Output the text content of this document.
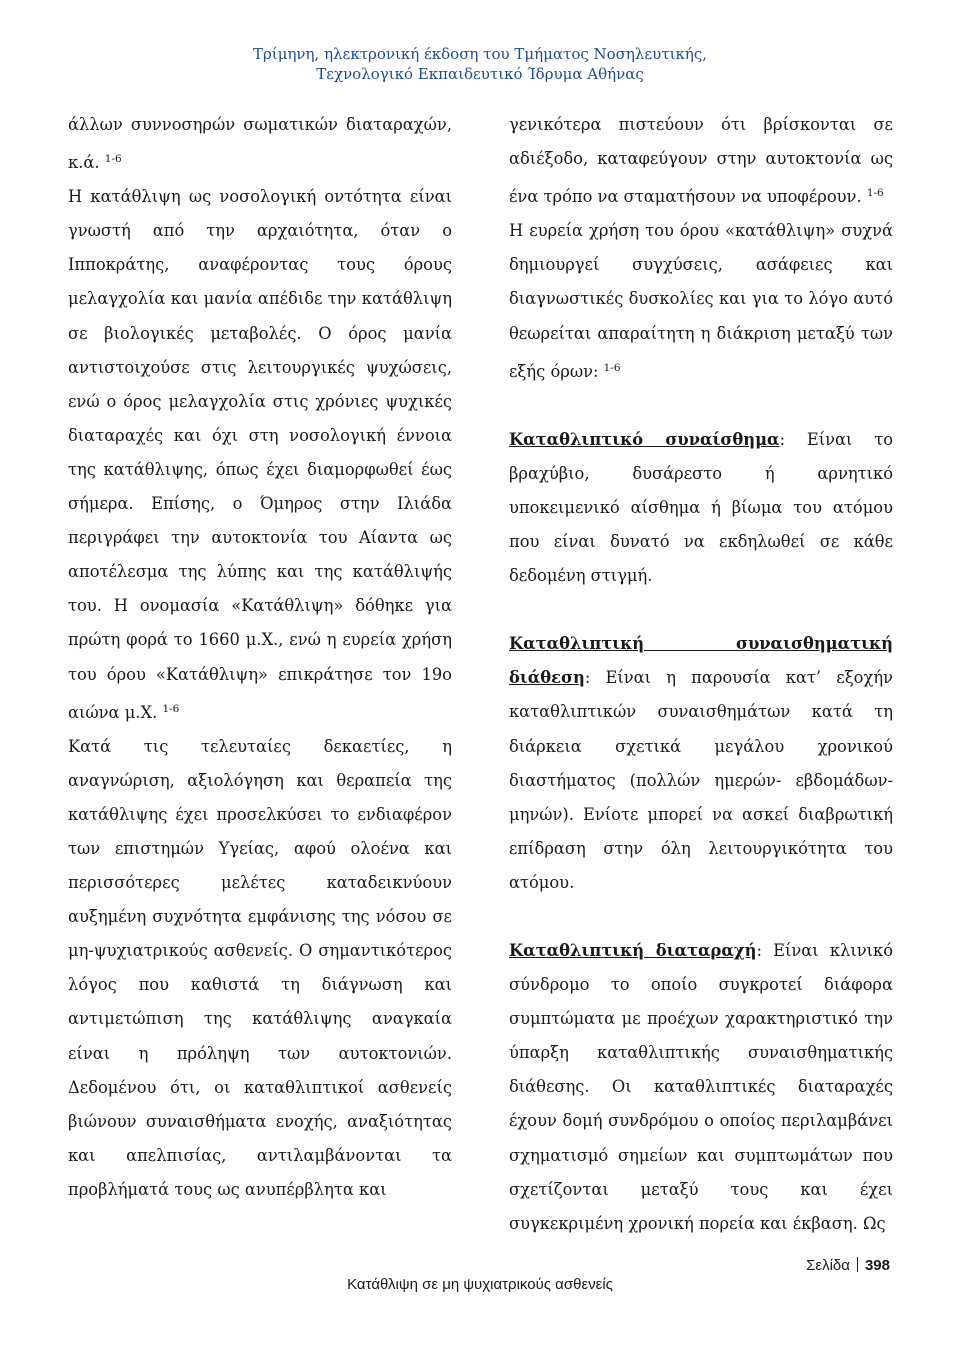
Τρίμηνη, ηλεκτρονική έκδοση του Τμήματος Νοσηλευτικής,
Τεχνολογικό Εκπαιδευτικό Ίδρυμα Αθήνας

άλλων συννοσηρών σωματικών διαταραχών, κ.ά. $^{1-6}$

Η κατάθλιψη ως νοσολογική οντότητα είναι γνωστή από την αρχαιότητα, όταν ο Ιπποκράτης, αναφέροντας τους όρους μελαγχολία και μανία απέδιδε την κατάθλιψη σε βιολογικές μεταβολές. Ο όρος μανία αντιστοιχούσε στις λειτουργικές ψυχώσεις, ενώ ο όρος μελαγχολία στις χρόνιες ψυχικές διαταραχές και όχι στη νοσολογική έννοια της κατάθλιψης, όπως έχει διαμορφωθεί έως σήμερα. Επίσης, ο Όμηρος στην Ιλιάδα περιγράφει την αυτοκτονία του Αίαντα ως αποτέλεσμα της λύπης και της κατάθλιψής του. Η ονομασία «Κατάθλιψη» δόθηκε για πρώτη φορά το 1660 μ.Χ., ενώ η ευρεία χρήση του όρου «Κατάθλιψη» επικράτησε τον 19ο αιώνα μ.Χ. $^{1-6}$

Κατά τις τελευταίες δεκαετίες, η αναγνώριση, αξιολόγηση και θεραπεία της κατάθλιψης έχει προσελκύσει το ενδιαφέρον των επιστημών Υγείας, αφού ολοένα και περισσότερες μελέτες καταδεικνύουν αυξημένη συχνότητα εμφάνισης της νόσου σε μη-ψυχιατρικούς ασθενείς. Ο σημαντικότερος λόγος που καθιστά τη διάγνωση και αντιμετώπιση της κατάθλιψης αναγκαία είναι η πρόληψη των αυτοκτονιών. Δεδομένου ότι, οι καταθλιπτικοί ασθενείς βιώνουν συναισθήματα ενοχής, αναξιότητας και απελπισίας, αντιλαμβάνονται τα προβλήματά τους ως ανυπέρβλητα και

γενικότερα πιστεύουν ότι βρίσκονται σε αδιέξοδο, καταφεύγουν στην αυτοκτονία ως ένα τρόπο να σταματήσουν να υποφέρουν. $^{1-6}$

Η ευρεία χρήση του όρου «κατάθλιψη» συχνά δημιουργεί συγχύσεις, ασάφειες και διαγνωστικές δυσκολίες και για το λόγο αυτό θεωρείται απαραίτητη η διάκριση μεταξύ των εξής όρων: $^{1-6}$

Καταθλιπτικό συναίσθημα: Είναι το βραχύβιο, δυσάρεστο ή αρνητικό υποκειμενικό αίσθημα ή βίωμα του ατόμου που είναι δυνατό να εκδηλωθεί σε κάθε δεδομένη στιγμή.

Καταθλιπτική συναισθηματική διάθεση: Είναι η παρουσία κατ’ εξοχήν καταθλιπτικών συναισθημάτων κατά τη διάρκεια σχετικά μεγάλου χρονικού διαστήματος (πολλών ημερών- εβδομάδων- μηνών). Ενίοτε μπορεί να ασκεί διαβρωτική επίδραση στην όλη λειτουργικότητα του ατόμου.

Καταθλιπτική διαταραχή: Είναι κλινικό σύνδρομο το οποίο συγκροτεί διάφορα συμπτώματα με προέχων χαρακτηριστικό την ύπαρξη καταθλιπτικής συναισθηματικής διάθεσης. Οι καταθλιπτικές διαταραχές έχουν δομή συνδρόμου ο οποίος περιλαμβάνει σχηματισμό σημείων και συμπτωμάτων που σχετίζονται μεταξύ τους και έχει συγκεκριμένη χρονική πορεία και έκβαση. Ως

Σελίδα 398
Κατάθλιψη σε μη ψυχιατρικούς ασθενείς
